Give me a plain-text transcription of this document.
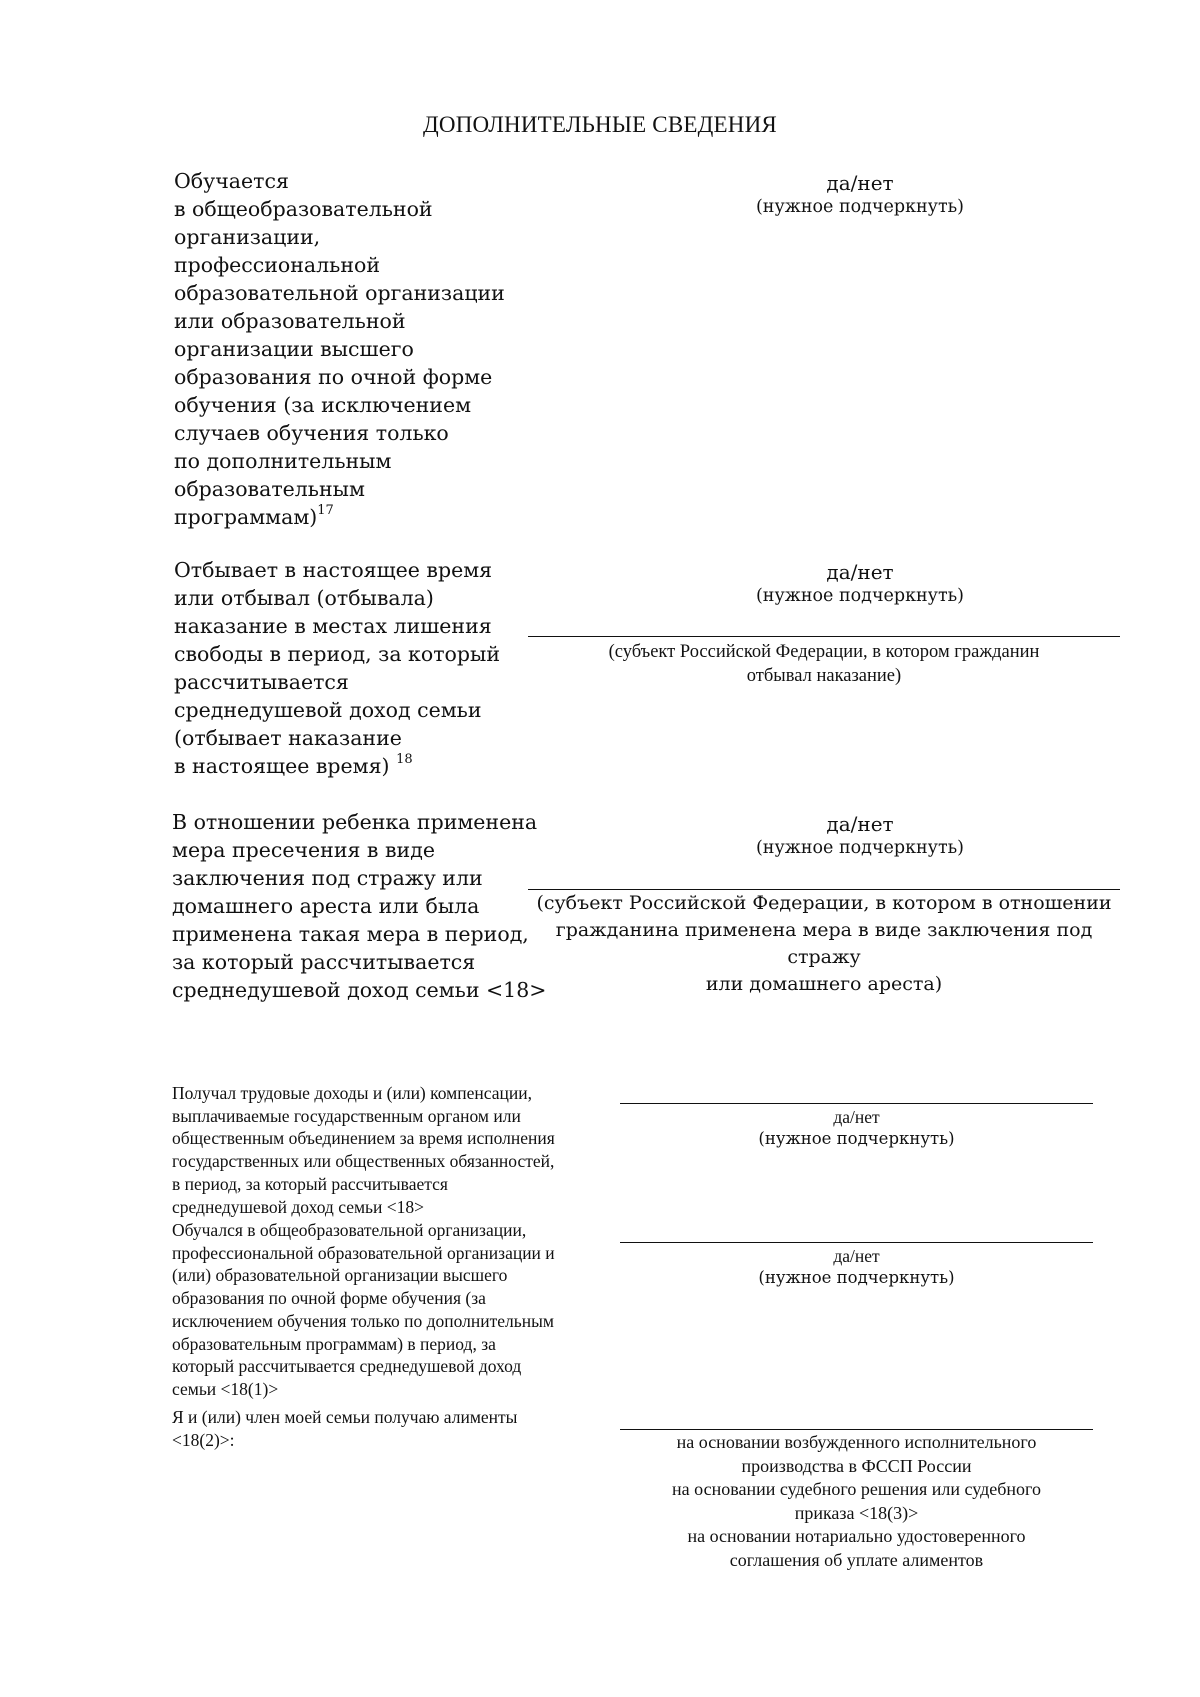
ДОПОЛНИТЕЛЬНЫЕ СВЕДЕНИЯ
Обучается
в общеобразовательной
организации,
профессиональной
образовательной организации
или образовательной
организации высшего
образования по очной форме
обучения (за исключением
случаев обучения только
по дополнительным
образовательным
программам)$^{17}$
да/нет
(нужное подчеркнуть)
Отбывает в настоящее время
или отбывал (отбывала)
наказание в местах лишения
свободы в период, за который
рассчитывается
среднедушевой доход семьи
(отбывает наказание
в настоящее время) $^{18}$
да/нет
(нужное подчеркнуть)
(субъект Российской Федерации, в котором гражданин
отбывал наказание)
В отношении ребенка применена
мера пресечения в виде
заключения под стражу или
домашнего ареста или была
применена такая мера в период,
за который рассчитывается
среднедушевой доход семьи <18>
да/нет
(нужное подчеркнуть)
(субъект Российской Федерации, в котором в отношении
гражданина применена мера в виде заключения под стражу
или домашнего ареста)
Получал трудовые доходы и (или) компенсации,
выплачиваемые государственным органом или
общественным объединением за время исполнения
государственных или общественных обязанностей,
в период, за который рассчитывается
среднедушевой доход семьи <18>
да/нет
(нужное подчеркнуть)
Обучался в общеобразовательной организации,
профессиональной образовательной организации и
(или) образовательной организации высшего
образования по очной форме обучения (за
исключением обучения только по дополнительным
образовательным программам) в период, за
который рассчитывается среднедушевой доход
семьи <18(1)>
да/нет
(нужное подчеркнуть)
Я и (или) член моей семьи получаю алименты
<18(2)>:	на основании возбужденного исполнительного
производства в ФССП России
на основании судебного решения или судебного
приказа <18(3)>
на основании нотариально удостоверенного
соглашения об уплате алиментов
